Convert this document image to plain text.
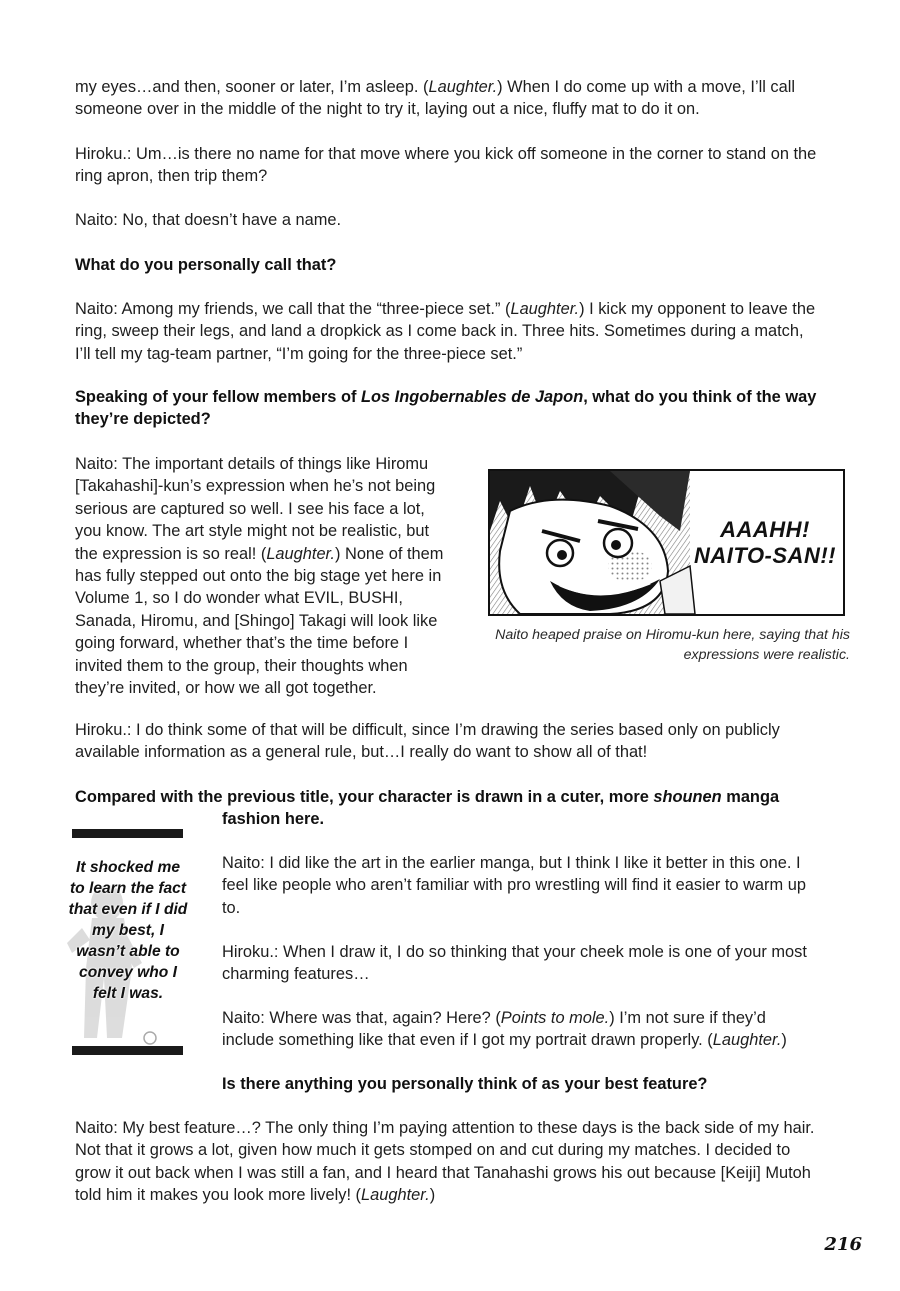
my eyes…and then, sooner or later, I’m asleep. (Laughter.) When I do come up with a move, I’ll call someone over in the middle of the night to try it, laying out a nice, fluffy mat to do it on.

Hiroku.: Um…is there no name for that move where you kick off someone in the corner to stand on the ring apron, then trip them?

Naito: No, that doesn’t have a name.

What do you personally call that?

Naito: Among my friends, we call that the “three-piece set.” (Laughter.) I kick my opponent to leave the ring, sweep their legs, and land a dropkick as I come back in. Three hits. Sometimes during a match, I’ll tell my tag-team partner, “I’m going for the three-piece set.”

Speaking of your fellow members of Los Ingobernables de Japon, what do you think of the way they’re depicted?

Naito: The important details of things like Hiromu [Takahashi]-kun’s expression when he’s not being serious are captured so well. I see his face a lot, you know. The art style might not be realistic, but the expression is so real! (Laughter.) None of them has fully stepped out onto the big stage yet here in Volume 1, so I do wonder what EVIL, BUSHI, Sanada, Hiromu, and [Shingo] Takagi will look like going forward, whether that’s the time before I invited them to the group, their thoughts when they’re invited, or how we all got together.

AAAHH!
NAITO-SAN!!
Naito heaped praise on Hiromu-kun here, saying that his expressions were realistic.

Hiroku.: I do think some of that will be difficult, since I’m drawing the series based only on publicly available information as a general rule, but…I really do want to show all of that!

Compared with the previous title, your character is drawn in a cuter, more shounen manga
fashion here.

It shocked me to learn the fact that even if I did my best, I wasn’t able to convey who I felt I was.

Naito: I did like the art in the earlier manga, but I think I like it better in this one. I feel like people who aren’t familiar with pro wrestling will find it easier to warm up to.

Hiroku.: When I draw it, I do so thinking that your cheek mole is one of your most charming features…

Naito: Where was that, again? Here? (Points to mole.) I’m not sure if they’d include something like that even if I got my portrait drawn properly. (Laughter.)

Is there anything you personally think of as your best feature?

Naito: My best feature…? The only thing I’m paying attention to these days is the back side of my hair. Not that it grows a lot, given how much it gets stomped on and cut during my matches. I decided to grow it out back when I was still a fan, and I heard that Tanahashi grows his out because [Keiji] Mutoh told him it makes you look more lively! (Laughter.)

216
